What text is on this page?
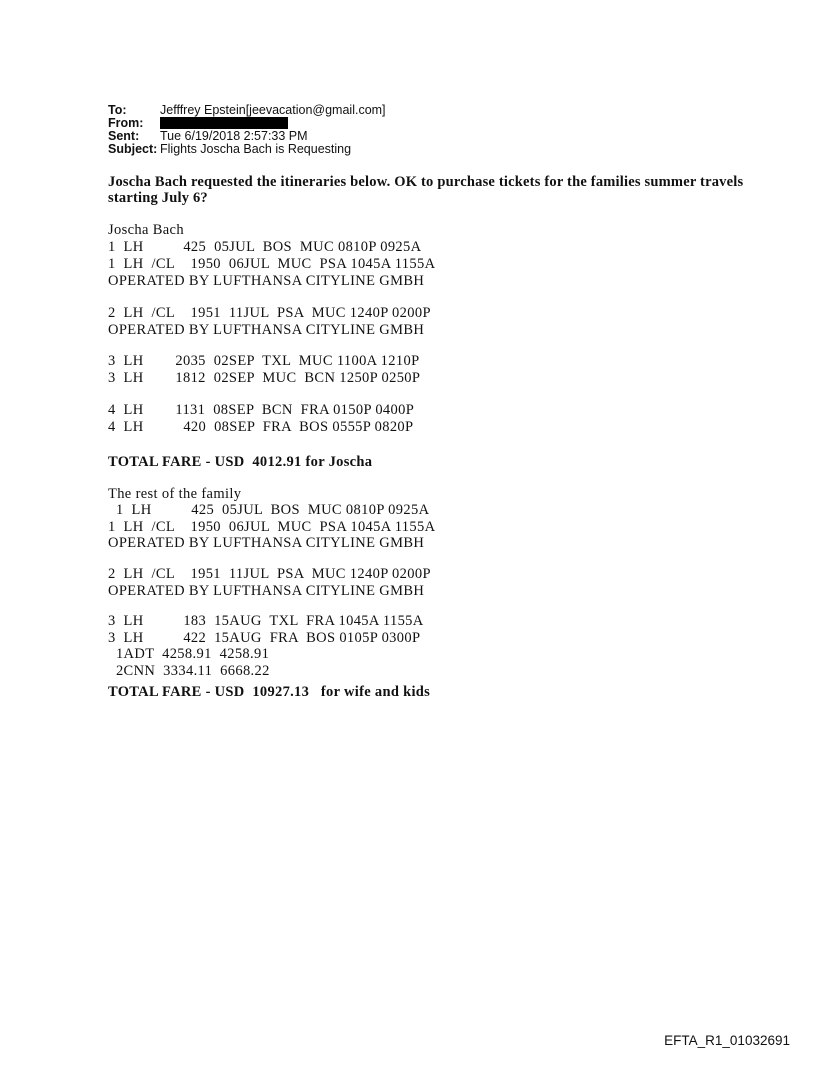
To:	Jefffrey Epstein[jeevacation@gmail.com]
From:
Sent:	Tue 6/19/2018 2:57:33 PM
Subject: Flights Joscha Bach is Requesting
Joscha Bach requested the itineraries below. OK to purchase tickets for the families summer travels starting July 6?
Joscha Bach
1  LH          425  05JUL  BOS  MUC 0810P 0925A
1  LH  /CL    1950  06JUL  MUC  PSA 1045A 1155A
OPERATED BY LUFTHANSA CITYLINE GMBH
2  LH  /CL    1951  11JUL  PSA  MUC 1240P 0200P
OPERATED BY LUFTHANSA CITYLINE GMBH
3  LH        2035  02SEP  TXL  MUC 1100A 1210P
3  LH        1812  02SEP  MUC  BCN 1250P 0250P
4  LH        1131  08SEP  BCN  FRA 0150P 0400P
4  LH          420  08SEP  FRA  BOS 0555P 0820P
TOTAL FARE - USD  4012.91 for Joscha
The rest of the family
1  LH          425  05JUL  BOS  MUC 0810P 0925A
1  LH  /CL    1950  06JUL  MUC  PSA 1045A 1155A
OPERATED BY LUFTHANSA CITYLINE GMBH
2  LH  /CL    1951  11JUL  PSA  MUC 1240P 0200P
OPERATED BY LUFTHANSA CITYLINE GMBH
3  LH          183  15AUG  TXL  FRA 1045A 1155A
3  LH          422  15AUG  FRA  BOS 0105P 0300P
1ADT  4258.91  4258.91
2CNN  3334.11  6668.22
TOTAL FARE - USD  10927.13   for wife and kids
EFTA_R1_01032691
